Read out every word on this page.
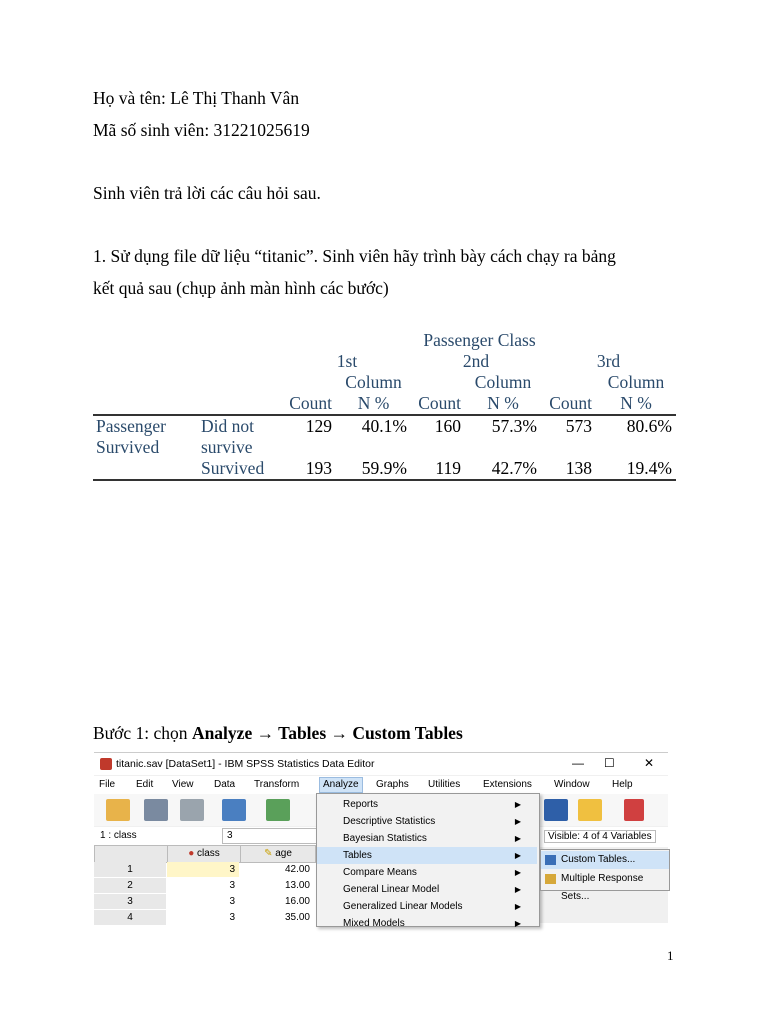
Họ và tên: Lê Thị Thanh Vân
Mã số sinh viên: 31221025619
Sinh viên trả lời các câu hỏi sau.
1. Sử dụng file dữ liệu “titanic”. Sinh viên hãy trình bày cách chạy ra bảng
kết quả sau (chụp ảnh màn hình các bước)
		Passenger Class					
		1st		2nd		3rd	
			Column		Column		Column
		Count	N %	Count	N %	Count	N %
Passenger	Did not	129	40.1%	160	57.3%	573	80.6%
Survived	survive						
	Survived	193	59.9%	119	42.7%	138	19.4%
Bước 1: chọn Analyze → Tables → Custom Tables
titanic.sav [DataSet1] - IBM SPSS Statistics Data Editor	— ☐ ✕
File Edit View Data Transform	Analyze	Graphs Utilities Extensions Window Help
1 : class	3	Visible: 4 of 4 Variables
● class	✎ age
1	3	42.00
2	3	13.00
3	3	16.00
4	3	35.00
Reports	▶
Descriptive Statistics	▶
Bayesian Statistics	▶
Tables	▶
Compare Means	▶
General Linear Model	▶
Generalized Linear Models	▶
Mixed Models	▶
Custom Tables...
Multiple Response Sets...
1
